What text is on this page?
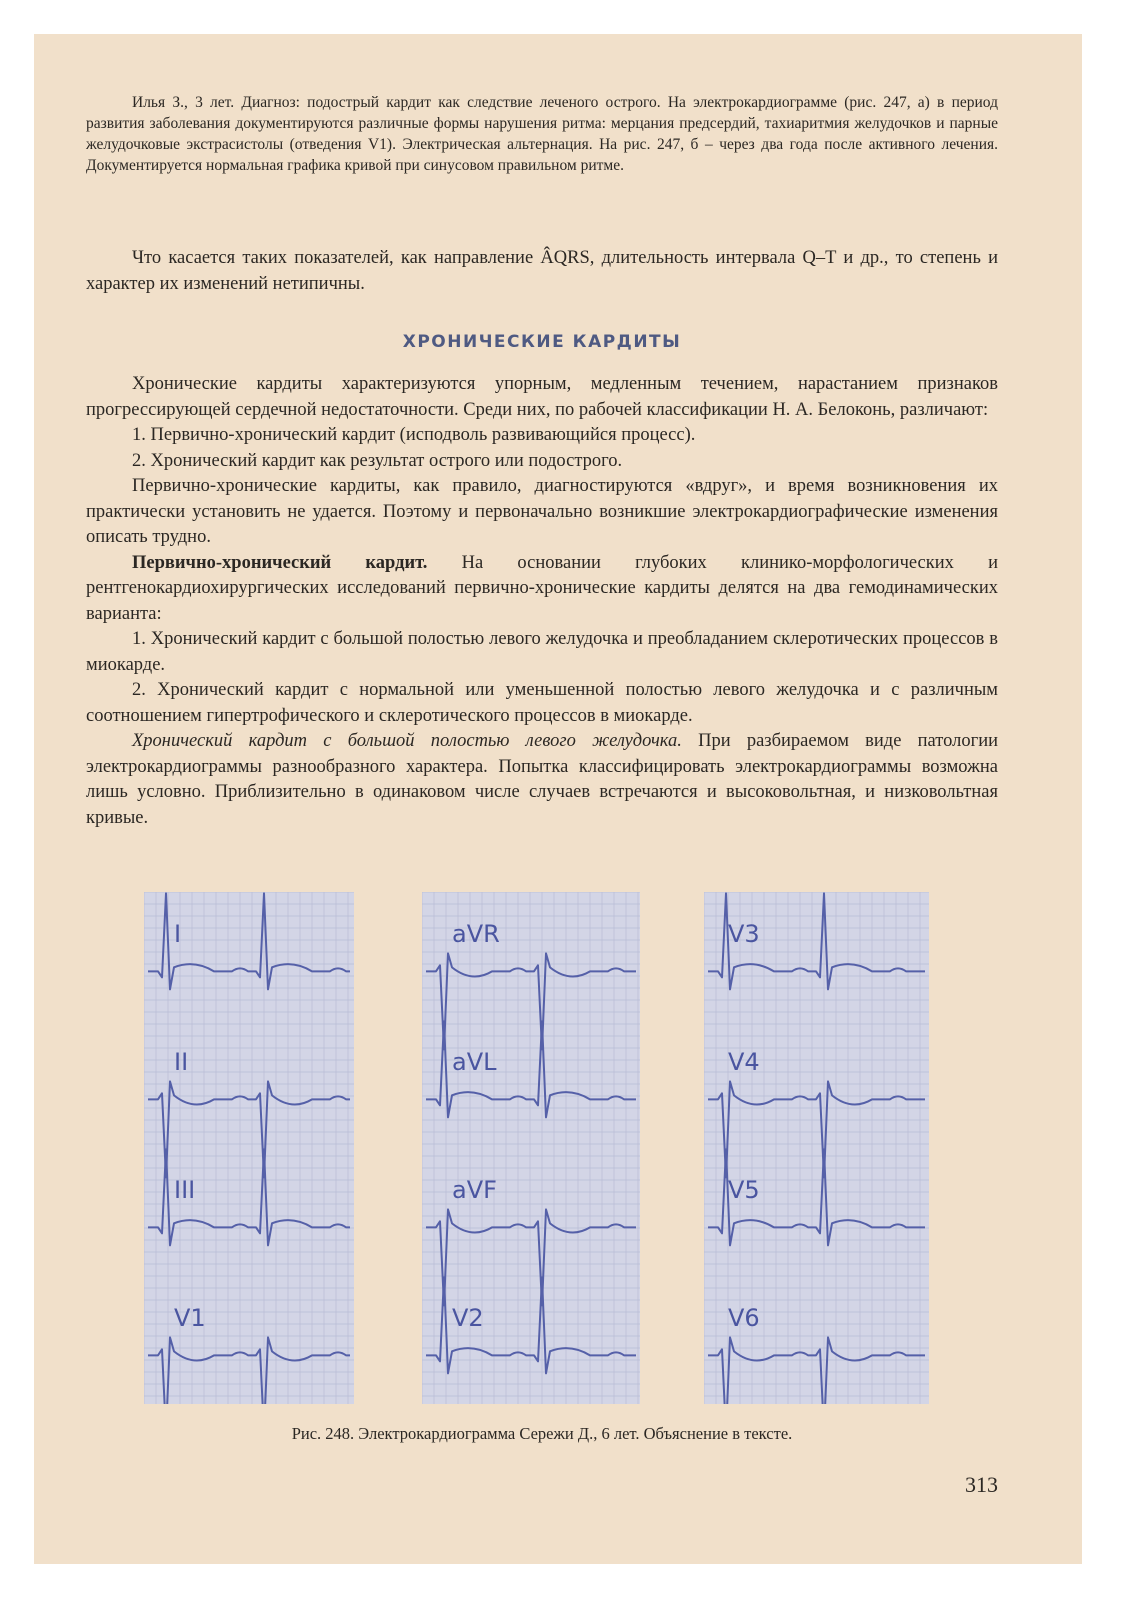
Илья З., 3 лет. Диагноз: подострый кардит как следствие леченого острого. На электрокардиограмме (рис. 247, а) в период развития заболевания документируются различные формы нарушения ритма: мерцания предсердий, тахиаритмия желудочков и парные желудочковые экстрасистолы (отведения V1). Электрическая альтернация. На рис. 247, б – через два года после активного лечения. Документируется нормальная графика кривой при синусовом правильном ритме.

Что касается таких показателей, как направление ÂQRS, длительность интервала Q–T и др., то степень и характер их изменений нетипичны.

ХРОНИЧЕСКИЕ КАРДИТЫ

Хронические кардиты характеризуются упорным, медленным течением, нарастанием признаков прогрессирующей сердечной недостаточности. Среди них, по рабочей классификации Н. А. Белоконь, различают:

1. Первично-хронический кардит (исподволь развивающийся процесс).

2. Хронический кардит как результат острого или подострого.

Первично-хронические кардиты, как правило, диагностируются «вдруг», и время возникновения их практически установить не удается. Поэтому и первоначально возникшие электрокардиографические изменения описать трудно.

Первично-хронический кардит. На основании глубоких клинико-морфологических и рентгенокардиохирургических исследований первично-хронические кардиты делятся на два гемодинамических варианта:

1. Хронический кардит с большой полостью левого желудочка и преобладанием склеротических процессов в миокарде.

2. Хронический кардит с нормальной или уменьшенной полостью левого желудочка и с различным соотношением гипертрофического и склеротического процессов в миокарде.

Хронический кардит с большой полостью левого желудочка. При разбираемом виде патологии электрокардиограммы разнообразного характера. Попытка классифицировать электрокардиограммы возможна лишь условно. Приблизительно в одинаковом числе случаев встречаются и высоковольтная, и низковольтная кривые.

I
II
III
V1
aVR
aVL
aVF
V2
V3
V4
V5
V6
Рис. 248. Электрокардиограмма Сережи Д., 6 лет. Объяснение в тексте.
313
